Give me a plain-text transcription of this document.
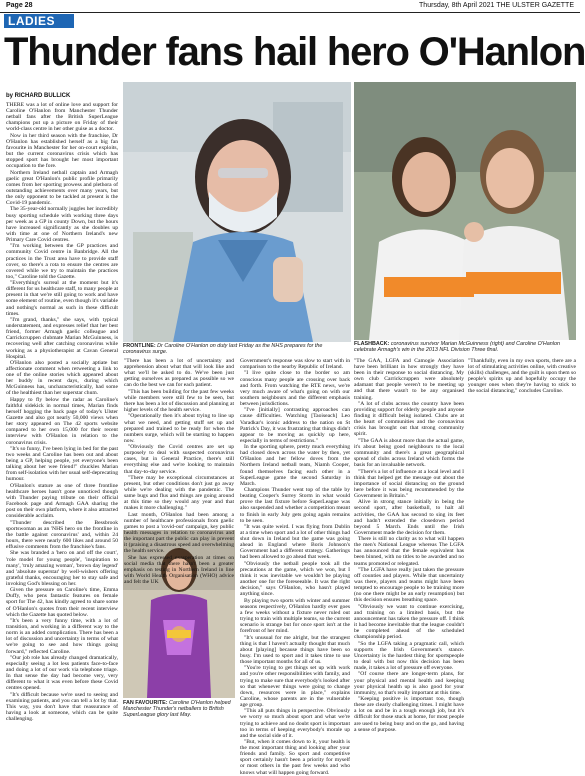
Page 28	Thursday, 8th April 2021 THE ULSTER GAZETTE
LADIES
Thunder fans hail hero O'Hanlon
by RICHARD BULLICK
FRONTLINE: Dr Caroline O'Hanlon on duty last Friday as the NHS prepares for the coronavirus surge.
FLASHBACK: coronavirus survivor Marian McGuinness (right) and Caroline O'Hanlon celebrate Armagh's win in the 2013 NFL Division Three final.
FAN FAVOURITE: Caroline O'Hanlon helped Manchester Thunder's netballers to British SuperLeague glory last May.

THERE was a lot of online love and support for Caroline O'Hanlon from Manchester Thunder netball fans after the British SuperLeague champions put up a picture on Friday of their world-class centre in her other guise as a doctor.

Now in her third season with the franchise, Dr O'Hanlon has established herself as a big fan favourite in Manchester for her on-court exploits, but the current coronavirus crisis which has stopped sport has brought her most important occupation to the fore.

Northern Ireland netball captain and Armagh gaelic great O'Hanlon's public profile primarily comes from her sporting prowess and plethora of outstanding achievements over many years, but the only opponent to be tackled at present is the Covid-19 pandemic.

The 35-year-old normally juggles her incredibly busy sporting schedule with working three days per week as a GP in county Down, but the hours have increased significantly as she doubles up with time at one of Northern Ireland's new Primary Care Covid centres.

"I'm working between the GP practices and community Covid centre in Banbridge. All the practices in the Trust area have to provide staff cover, so there's a rota to ensure the centres are covered while we try to maintain the practices too," Caroline told the Gazette.

"Everything's surreal at the moment but it's different for us healthcare staff, to many people at present in that we're still going to work and have some element of routine, even though it's variable and nothing's normal as such in these difficult times.

"I'm grand, thanks," she says, with typical understatement, and expresses relief that her best friend, former Armagh gaelic colleague and Carrickcruppen clubmate Marian McGuinness, is recovering well after catching coronavirus while working as a physiotherapist at Cavan General Hospital.

O'Hanlon also posted a socially aptiate but affectionate comment when retweeting a link to one of the online stories which appeared about her buddy in recent days, during which McGuinness has, uncharacteristically, had some of the healthiest than her superstar chum.

Happy to fly below the radar as Caroline's faithful sidekick in normal times, Marian finds herself hogging the back page of today's Ulster Gazette and also got nearly 50,000 views when her story appeared on The 42 sports website compared to her own 15,000 for their recent interview with O'Hanlon in relation to the coronavirus crisis.

"It's so funny, I've been lying in bed for the past two weeks and Caroline has been out and about being a GP, helping people, yet everyone's been talking about her wee friend!" chuckles Marian from self-isolation with her usual self-deprecating humour.

O'Hanlon's stature as one of three frontline healthcare heroes hasn't gone unnoticed though with Thunder paying tribute on their official Facebook page and Armagh GAA sharing the post on their own platform, where it also attracted considerable acclaim.

"Thunder described the Bessbrook sportswoman as an 'NHS hero on the frontline in the battle against coronavirus' and, within 24 hours, there were nearly 600 likes and around 50 effusive comments from the franchise's fans.

She was branded a 'hero on and off the court', 'role model for young people', 'inspiration to many', 'truly amazing woman', 'brown day legend' and 'absolute superstar' by well-wishers offering grateful thanks, encouraging her to stay safe and invoking God's blessing on her.

Given the pressure on Caroline's time, Emma Duffy, who pens fantastic features on female sport for The 42, has kindly agreed to share some of O'Hanlon's quotes from their recent interview which the Gazette has quoted below.

"It's been a very funny time, with a lot of transition, and working in a different way to the norm is an added complication. There has been a lot of discussion and uncertainty in terms of what we're going to see and how things going forward," reflected Caroline.

"Our job role has already changed dramatically, especially seeing a lot less patients face-to-face and doing a lot of our work via telephone triage. In that sense the day had become very, very different to what it was even before these Covid centres opened.

"It's difficult because we're used to seeing and examining patients, and you can tell a lot by that. This way, you don't have that reassurance of having a look at someone, which can be quite challenging.

"There has been a lot of uncertainty and apprehension about what that will look like and what we'll be asked to do. We've been just getting ourselves as prepared as possible so we can do the best we can for each patient.

"This has been building for the past few weeks while members were still few to be seen, but there has been a lot of discussion and planning at higher levels of the health service.

"Operationally then it's about trying to line up what we need, and getting stuff set up and prepared and trained to be ready for when the numbers surge, which will be starting to happen now.

"Obviously the Covid centres are set up purposely to deal with suspected coronavirus cases, but in General Practice, there's still everything else and we're looking to maintain that day-to-day service.

"There may be exceptional circumstances at present, but other conditions don't just go away while we're dealing with the pandemic. The same bugs and flus and things are going around at this time so they would any year and that makes it more challenging."

Last month, O'Hanlon had been among a number of healthcare professionals from gaelic games to post a 'covid-out' campaign, key public health messages in relation to coronavirus and the important part the public can play in prevent it (praising a disastrous speed and overwhelming the health service.

She has expressed exasperation at times on social media that there hasn't been a greater emphasis on testing in Northern Ireland in line with World Health Organisation (WHO) advice and felt the UK

Government's response was slow to start with in comparison to the nearby Republic of Ireland.

"I live quite close to the border so am conscious many people are crossing over back and forth. From watching the RTE news, we're very much aware of what's going on with our southern neighbours and the different emphasis between jurisdictions.

"I've [initially] contrasting approaches can cause difficulties. Watching [Taoiseach] Leo Varadkar's iconic address to the nation on St Patrick's Day, it was frustrating that things didn't appear to be moving as quickly up here, especially in terms of restrictions."

In the sporting sphere, pretty much everything had closed down across the water by then, yet O'Hanlon and her fellow doves from the Northern Ireland netball team, Niamh Cooper, found themselves facing each other in a SuperLeague game the second Saturday in March.

Champions Thunder went top of the table by beating Cooper's Surrey Storm in what would prove the last fixture before SuperLeague was also suspended and whether a competition meant to finish in early July gets going again remains to be seen.

"It was quite weird. I was flying from Dublin at a time when sport and a lot of other things had shut down in Ireland but the game was going ahead in England where Boris Johnson's Government had a different strategy. Gatherings had been allowed to go ahead that week.

"Obviously the netball people took all the precautions at the game, which we won, but I think it was inevitable we wouldn't be playing another one for the foreseeable. It was the right decision," says O'Hanlon, who hasn't played anything since.

By playing two sports with winter and summer seasons respectively, O'Hanlon hardly ever goes a few weeks without a fixture never ruled out trying to train with multiple teams, so the current scenario is strange but for once sport isn't at the forefront of her mind.

"It's unusual for me alright, but the strangest thing is that I haven't actually thought that much about [playing] because things have been so busy. I'm used to sport and it takes time to use those important months for all of us.

"You're trying to get things set up with work and you're other responsibilities with family, and trying to make sure that everybody's looked after so that whenever things were going to change down, resources were in place," explains Caroline, whose parents are in the vulnerable age group.

"This all puts things in perspective. Obviously we worry so much about sport and what we're trying to achieve and no doubt sport is important too in terms of keeping everybody's morale up and the social side of it.

"But, when it comes down to it, your health is the most important thing and looking after your friends and family. So sport and competitive sport certainly hasn't been a priority for myself or most others in the past few weeks and who knows what will happen going forward.

"The GAA, LGFA and Camogie Association have been brilliant in how strongly they have been in their response to social distancing. My own club Carrickcruppen were absolutely adamant that people weren't to be meeting up and that there wasn't to be any organised training.

"A lot of clubs across the country have been providing support for elderly people and anyone finding it difficult being isolated. Clubs are at the heart of communities and the coronavirus crisis has brought out that strong community spirit.

"The GAA is about more than the actual game, it's about being good neighbours to the local community and there's a great geographical spread of clubs across Ireland which forms the basis for an invaluable network.

"There's a lot of influence at a local level and I think that helped get the message out about the importance of social distancing on the ground here before it was being recommended by the Government in Britain."

Alive in strong stance initially in being the second sport, after basketball, to halt all activities, the GAA has second to sing its feet and hadn't extended the closedown period beyond 5 March. Ends until the Irish Government made the decision for them.

There is still no clarity as to what will happen the men's National League whereas The LGFA has announced that the female equivalent has been binned, with no titles to be awarded and no teams promoted or relegated.

"The LGFA have really just taken the pressure off counties and players. While that uncertainty was there, players and teams might have been tempted to encourage people to be training more (no one there might be an early resumption) but this decision ensures breathing space.

"Obviously we want to continue exercising, and training on a limited basis, but the announcement has taken the pressure off. I think it had become inevitable that the league couldn't be completed ahead of the scheduled championship period.

"So the LGFA taking a pragmatic call, which supports the Irish Government's stance. Uncertainty is the hardest thing for sportspeople to deal with but now this decision has been made, it takes a lot of pressure off everyone.

"Of course there are longer-term plans, for your physical and mental health and keeping your physical health up is also good for your immunity, so that's really important at this time.

"Keeping positive is important too, though these are clearly challenging times. I might have a lot on and be in a tough enough job, but it's difficult for those stuck at home, for most people are used to being busy and on the go, and having a sense of purpose.

"Thankfully, even in my own sports, there are a lot of stimulating activities online, with creative (skills) challenges, and the guilt is upon them so people's spirits up and hopefully occupy the younger ones when they're having to stick to the social distancing," concludes Caroline.
